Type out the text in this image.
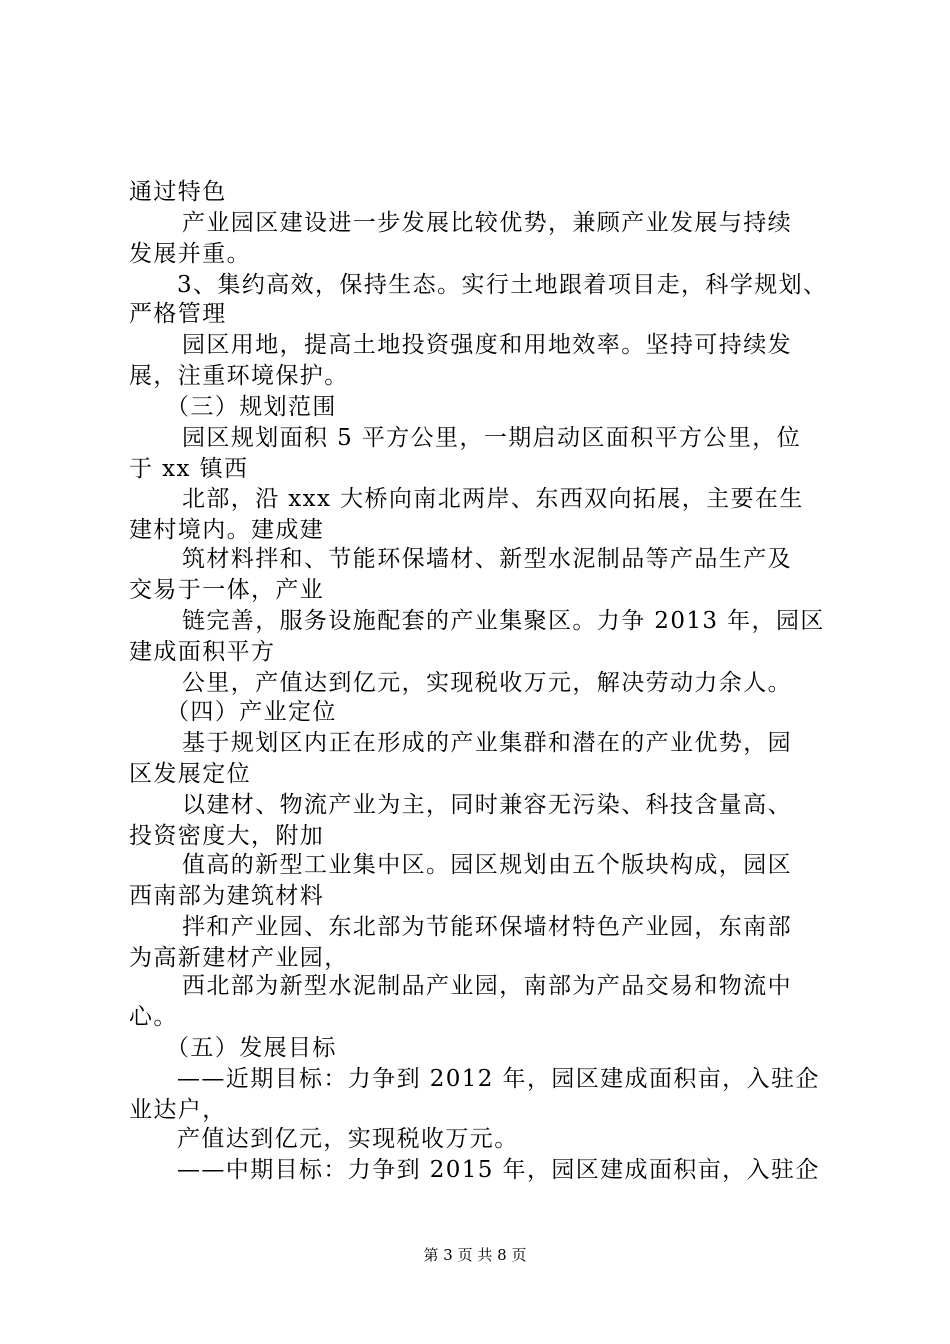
通过特色

产业园区建设进一步发展比较优势，兼顾产业发展与持续

发展并重。

3、集约高效，保持生态。实行土地跟着项目走，科学规划、

严格管理

园区用地，提高土地投资强度和用地效率。坚持可持续发

展，注重环境保护。

（三）规划范围

园区规划面积 5 平方公里，一期启动区面积平方公里，位

于 xx 镇西

北部，沿 xxx 大桥向南北两岸、东西双向拓展，主要在生

建村境内。建成建

筑材料拌和、节能环保墙材、新型水泥制品等产品生产及

交易于一体，产业

链完善，服务设施配套的产业集聚区。力争 2013 年，园区

建成面积平方

公里，产值达到亿元，实现税收万元，解决劳动力余人。

（四）产业定位

基于规划区内正在形成的产业集群和潜在的产业优势，园

区发展定位

以建材、物流产业为主，同时兼容无污染、科技含量高、

投资密度大，附加

值高的新型工业集中区。园区规划由五个版块构成，园区

西南部为建筑材料

拌和产业园、东北部为节能环保墙材特色产业园，东南部

为高新建材产业园，

西北部为新型水泥制品产业园，南部为产品交易和物流中

心。

（五）发展目标

——近期目标：力争到 2012 年，园区建成面积亩，入驻企

业达户，

产值达到亿元，实现税收万元。

——中期目标：力争到 2015 年，园区建成面积亩，入驻企

第 3 页 共 8 页
